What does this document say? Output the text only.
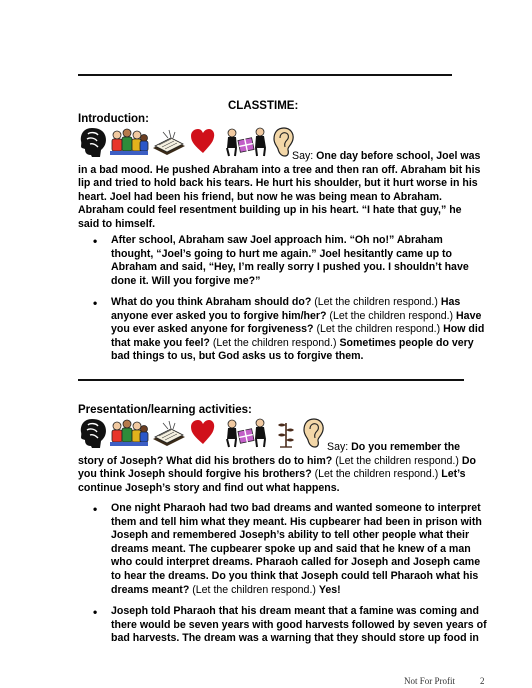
CLASSTIME:
Introduction:
Say: One day before school, Joel was in a bad mood. He pushed Abraham into a tree and then ran off. Abraham bit his lip and tried to hold back his tears. He hurt his shoulder, but it hurt worse in his heart. Joel had been his friend, but now he was being mean to Abraham. Abraham could feel resentment building up in his heart. “I hate that guy,” he said to himself.
• After school, Abraham saw Joel approach him. “Oh no!” Abraham thought, “Joel’s going to hurt me again.” Joel hesitantly came up to Abraham and said, “Hey, I’m really sorry I pushed you. I shouldn’t have done it. Will you forgive me?”
• What do you think Abraham should do? (Let the children respond.) Has anyone ever asked you to forgive him/her? (Let the children respond.) Have you ever asked anyone for forgiveness? (Let the children respond.) How did that make you feel? (Let the children respond.) Sometimes people do very bad things to us, but God asks us to forgive them.
Presentation/learning activities:
Say: Do you remember the story of Joseph? What did his brothers do to him? (Let the children respond.) Do you think Joseph should forgive his brothers? (Let the children respond.) Let’s continue Joseph’s story and find out what happens.
• One night Pharaoh had two bad dreams and wanted someone to interpret them and tell him what they meant. His cupbearer had been in prison with Joseph and remembered Joseph’s ability to tell other people what their dreams meant. The cupbearer spoke up and said that he knew of a man who could interpret dreams. Pharaoh called for Joseph and Joseph came to hear the dreams. Do you think that Joseph could tell Pharaoh what his dreams meant? (Let the children respond.) Yes!
• Joseph told Pharaoh that his dream meant that a famine was coming and there would be seven years with good harvests followed by seven years of bad harvests. The dream was a warning that they should store up food in
Not For Profit	2
